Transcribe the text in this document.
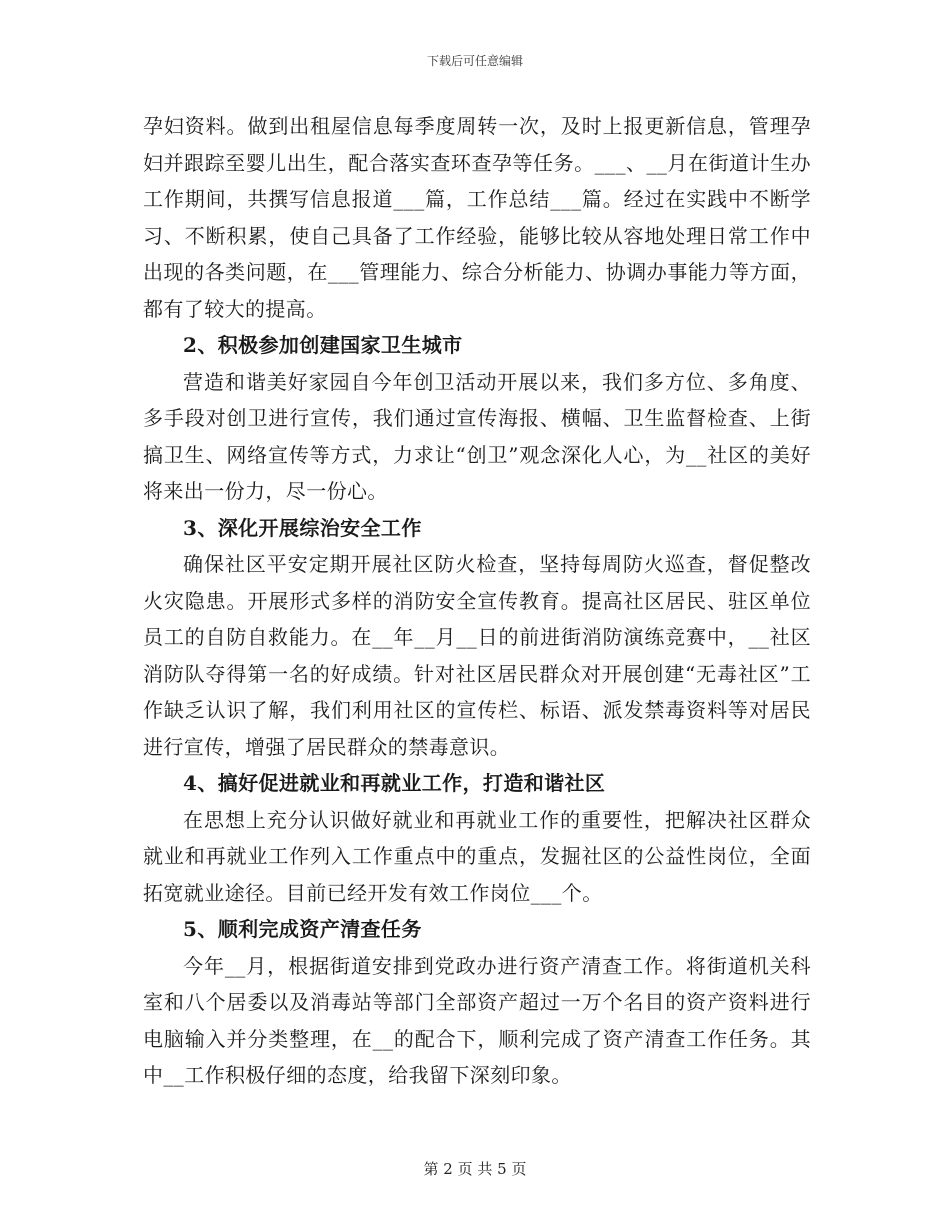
下载后可任意编辑

孕妇资料。做到出租屋信息每季度周转一次，及时上报更新信息，管理孕妇并跟踪至婴儿出生，配合落实查环查孕等任务。___、__月在街道计生办工作期间，共撰写信息报道___篇，工作总结___篇。经过在实践中不断学习、不断积累，使自己具备了工作经验，能够比较从容地处理日常工作中出现的各类问题，在___管理能力、综合分析能力、协调办事能力等方面，都有了较大的提高。

2、积极参加创建国家卫生城市

营造和谐美好家园自今年创卫活动开展以来，我们多方位、多角度、多手段对创卫进行宣传，我们通过宣传海报、横幅、卫生监督检查、上街搞卫生、网络宣传等方式，力求让“创卫”观念深化人心，为__社区的美好将来出一份力，尽一份心。

3、深化开展综治安全工作

确保社区平安定期开展社区防火检查，坚持每周防火巡查，督促整改火灾隐患。开展形式多样的消防安全宣传教育。提高社区居民、驻区单位员工的自防自救能力。在__年__月__日的前进街消防演练竞赛中，__社区消防队夺得第一名的好成绩。针对社区居民群众对开展创建“无毒社区”工作缺乏认识了解，我们利用社区的宣传栏、标语、派发禁毒资料等对居民进行宣传，增强了居民群众的禁毒意识。

4、搞好促进就业和再就业工作，打造和谐社区

在思想上充分认识做好就业和再就业工作的重要性，把解决社区群众就业和再就业工作列入工作重点中的重点，发掘社区的公益性岗位，全面拓宽就业途径。目前已经开发有效工作岗位___个。

5、顺利完成资产清查任务

今年__月，根据街道安排到党政办进行资产清查工作。将街道机关科室和八个居委以及消毒站等部门全部资产超过一万个名目的资产资料进行电脑输入并分类整理，在__的配合下，顺利完成了资产清查工作任务。其中__工作积极仔细的态度，给我留下深刻印象。

第 2 页 共 5 页
